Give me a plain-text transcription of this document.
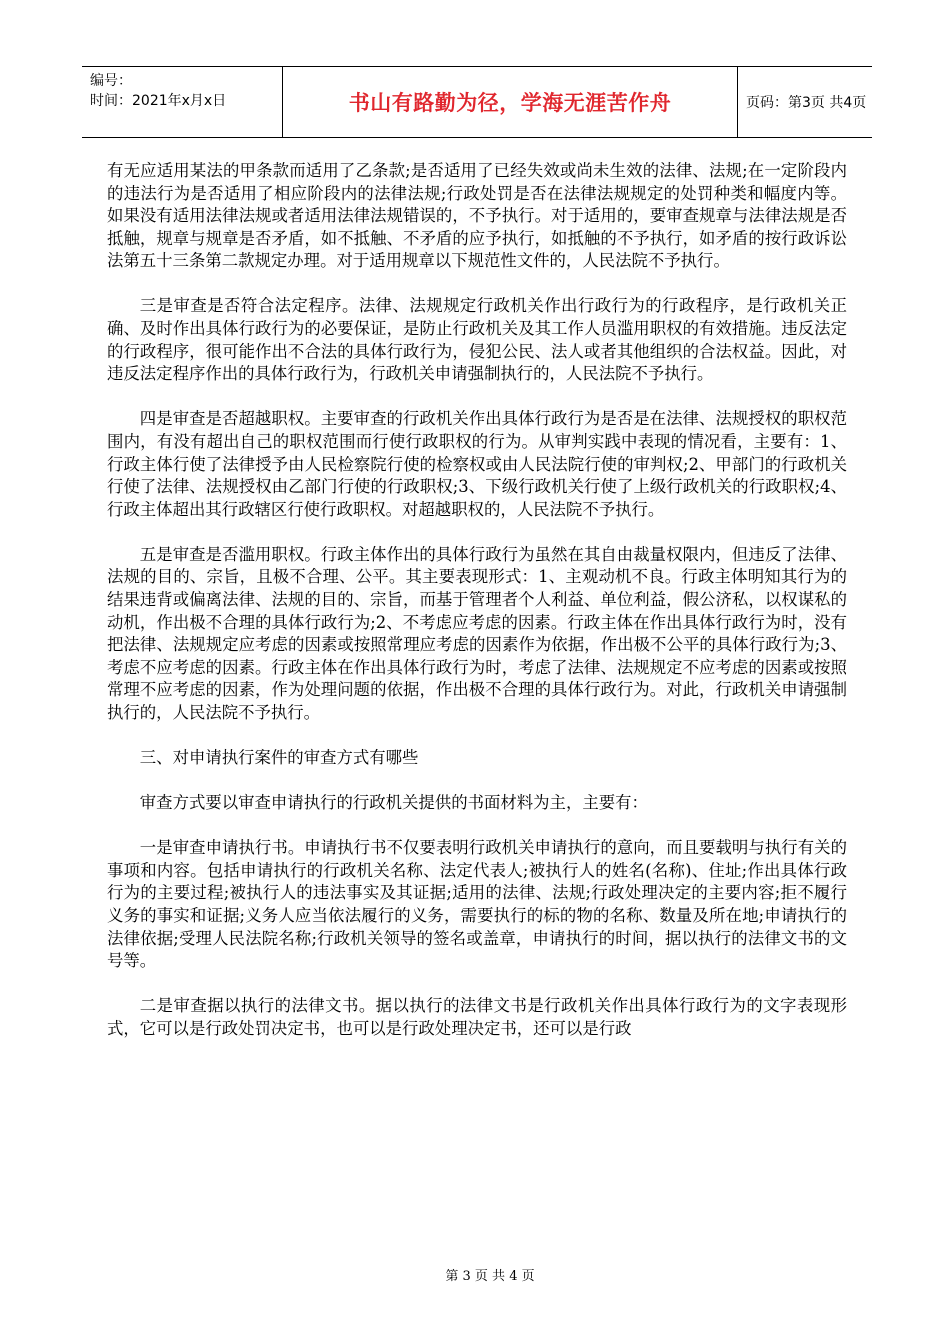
编号：
时间：2021年x月x日	书山有路勤为径，学海无涯苦作舟	页码：第3页 共4页

有无应适用某法的甲条款而适用了乙条款;是否适用了已经失效或尚未生效的法律、法规;在一定阶段内的违法行为是否适用了相应阶段内的法律法规;行政处罚是否在法律法规规定的处罚种类和幅度内等。如果没有适用法律法规或者适用法律法规错误的，不予执行。对于适用的，要审查规章与法律法规是否抵触，规章与规章是否矛盾，如不抵触、不矛盾的应予执行，如抵触的不予执行，如矛盾的按行政诉讼法第五十三条第二款规定办理。对于适用规章以下规范性文件的，人民法院不予执行。

三是审查是否符合法定程序。法律、法规规定行政机关作出行政行为的行政程序，是行政机关正确、及时作出具体行政行为的必要保证，是防止行政机关及其工作人员滥用职权的有效措施。违反法定的行政程序，很可能作出不合法的具体行政行为，侵犯公民、法人或者其他组织的合法权益。因此，对违反法定程序作出的具体行政行为，行政机关申请强制执行的，人民法院不予执行。

四是审查是否超越职权。主要审查的行政机关作出具体行政行为是否是在法律、法规授权的职权范围内，有没有超出自己的职权范围而行使行政职权的行为。从审判实践中表现的情况看，主要有：1、行政主体行使了法律授予由人民检察院行使的检察权或由人民法院行使的审判权;2、甲部门的行政机关行使了法律、法规授权由乙部门行使的行政职权;3、下级行政机关行使了上级行政机关的行政职权;4、行政主体超出其行政辖区行使行政职权。对超越职权的，人民法院不予执行。

五是审查是否滥用职权。行政主体作出的具体行政行为虽然在其自由裁量权限内，但违反了法律、法规的目的、宗旨，且极不合理、公平。其主要表现形式：1、主观动机不良。行政主体明知其行为的结果违背或偏离法律、法规的目的、宗旨，而基于管理者个人利益、单位利益，假公济私，以权谋私的动机，作出极不合理的具体行政行为;2、不考虑应考虑的因素。行政主体在作出具体行政行为时，没有把法律、法规规定应考虑的因素或按照常理应考虑的因素作为依据，作出极不公平的具体行政行为;3、考虑不应考虑的因素。行政主体在作出具体行政行为时，考虑了法律、法规规定不应考虑的因素或按照常理不应考虑的因素，作为处理问题的依据，作出极不合理的具体行政行为。对此，行政机关申请强制执行的，人民法院不予执行。

三、对申请执行案件的审查方式有哪些

审查方式要以审查申请执行的行政机关提供的书面材料为主，主要有：

一是审查申请执行书。申请执行书不仅要表明行政机关申请执行的意向，而且要载明与执行有关的事项和内容。包括申请执行的行政机关名称、法定代表人;被执行人的姓名(名称)、住址;作出具体行政行为的主要过程;被执行人的违法事实及其证据;适用的法律、法规;行政处理决定的主要内容;拒不履行义务的事实和证据;义务人应当依法履行的义务，需要执行的标的物的名称、数量及所在地;申请执行的法律依据;受理人民法院名称;行政机关领导的签名或盖章，申请执行的时间，据以执行的法律文书的文号等。

二是审查据以执行的法律文书。据以执行的法律文书是行政机关作出具体行政行为的文字表现形式，它可以是行政处罚决定书，也可以是行政处理决定书，还可以是行政

第 3 页 共 4 页
